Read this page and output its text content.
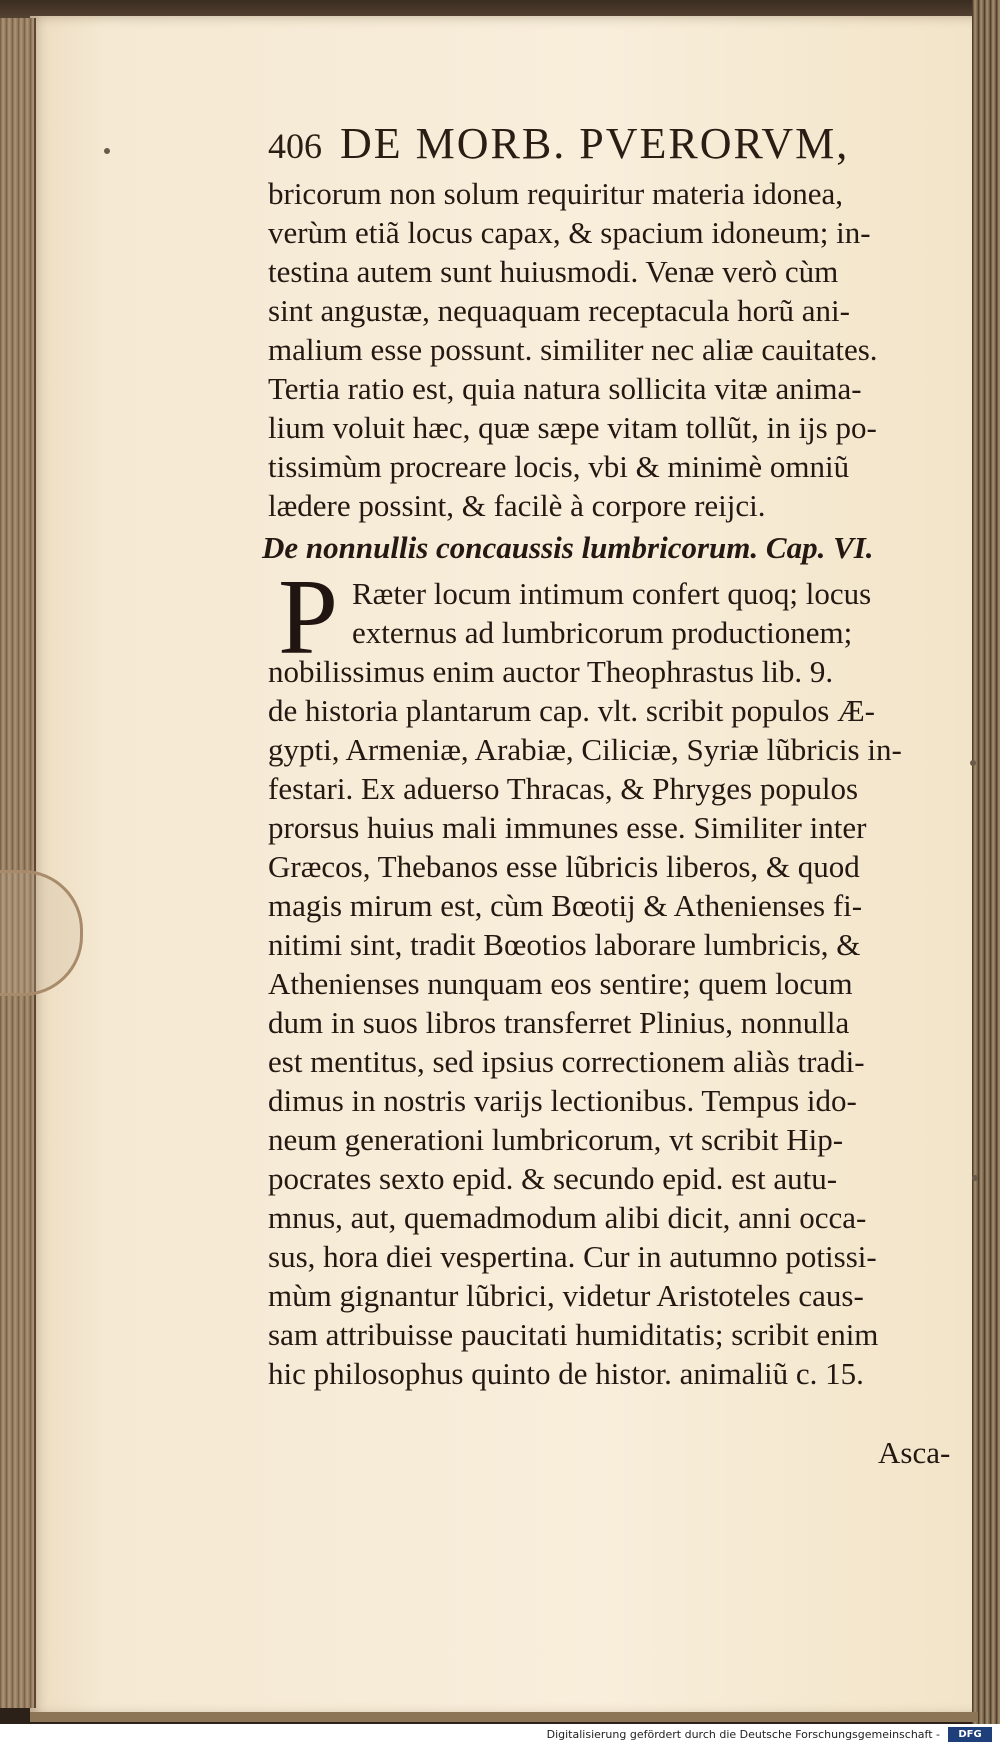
406 DE MORB. PVERORVM,
bricorum non solum requiritur materia idonea,
verùm etiã locus capax, & spacium idoneum; in-
testina autem sunt huiusmodi. Venæ verò cùm
sint angustæ, nequaquam receptacula horũ ani-
malium esse possunt. similiter nec aliæ cauitates.
Tertia ratio est, quia natura sollicita vitæ anima-
lium voluit hæc, quæ sæpe vitam tollũt, in ijs po-
tissimùm procreare locis, vbi & minimè omniũ
lædere possint, & facilè à corpore reijci.
De nonnullis concaussis lumbricorum. Cap. VI.
P Ræter locum intimum confert quoq; locus
externus ad lumbricorum productionem;
nobilissimus enim auctor Theophrastus lib. 9.
de historia plantarum cap. vlt. scribit populos Æ-
gypti, Armeniæ, Arabiæ, Ciliciæ, Syriæ lũbricis in-
festari. Ex aduerso Thracas, & Phryges populos
prorsus huius mali immunes esse. Similiter inter
Græcos, Thebanos esse lũbricis liberos, & quod
magis mirum est, cùm Bœotij & Athenienses fi-
nitimi sint, tradit Bœotios laborare lumbricis, &
Athenienses nunquam eos sentire; quem locum
dum in suos libros transferret Plinius, nonnulla
est mentitus, sed ipsius correctionem aliàs tradi-
dimus in nostris varijs lectionibus. Tempus ido-
neum generationi lumbricorum, vt scribit Hip-
pocrates sexto epid. & secundo epid. est autu-
mnus, aut, quemadmodum alibi dicit, anni occa-
sus, hora diei vespertina. Cur in autumno potissi-
mùm gignantur lũbrici, videtur Aristoteles caus-
sam attribuisse paucitati humiditatis; scribit enim
hic philosophus quinto de histor. animaliũ c. 15.
Asca-
Digitalisierung gefördert durch die Deutsche Forschungsgemeinschaft -	DFG
